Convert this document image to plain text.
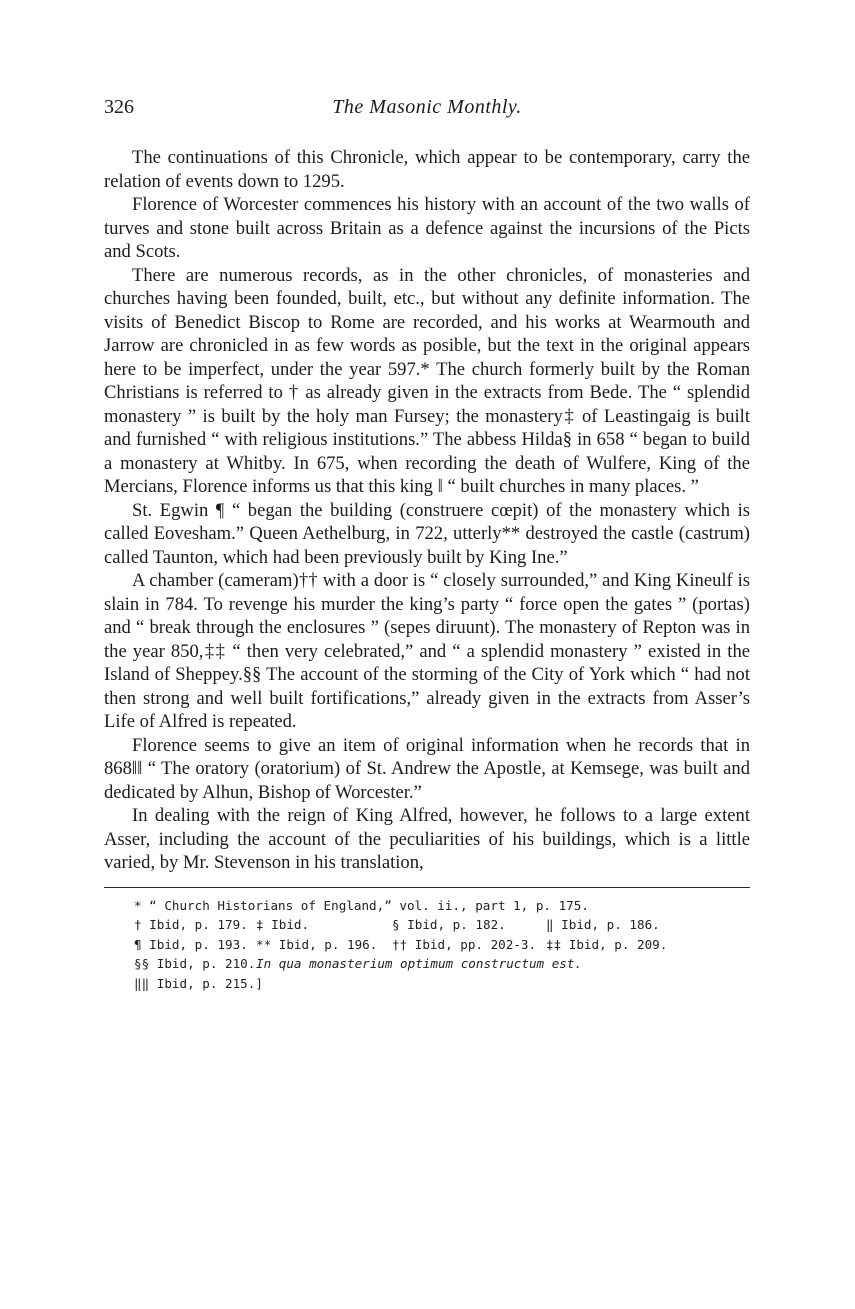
326	The Masonic Monthly.

The continuations of this Chronicle, which appear to be contemporary, carry the relation of events down to 1295.

Florence of Worcester commences his history with an account of the two walls of turves and stone built across Britain as a defence against the incursions of the Picts and Scots.

There are numerous records, as in the other chronicles, of monasteries and churches having been founded, built, etc., but without any definite information. The visits of Benedict Biscop to Rome are recorded, and his works at Wearmouth and Jarrow are chronicled in as few words as posible, but the text in the original appears here to be imperfect, under the year 597.* The church formerly built by the Roman Christians is referred to † as already given in the extracts from Bede. The “ splendid monastery ” is built by the holy man Fursey; the monastery‡ of Leastingaig is built and furnished “ with religious institutions.” The abbess Hilda§ in 658 “ began to build a monastery at Whitby. In 675, when recording the death of Wulfere, King of the Mercians, Florence informs us that this king ‖ “ built churches in many places. ”

St. Egwin ¶ “ began the building (construere cœpit) of the monastery which is called Eovesham.” Queen Aethelburg, in 722, utterly** destroyed the castle (castrum) called Taunton, which had been previously built by King Ine.”

A chamber (cameram)†† with a door is “ closely surrounded,” and King Kineulf is slain in 784. To revenge his murder the king’s party “ force open the gates ” (portas) and “ break through the enclosures ” (sepes diruunt). The monastery of Repton was in the year 850,‡‡ “ then very celebrated,” and “ a splendid monastery ” existed in the Island of Sheppey.§§ The account of the storming of the City of York which “ had not then strong and well built fortifications,” already given in the extracts from Asser’s Life of Alfred is repeated.

Florence seems to give an item of original information when he records that in 868‖‖ “ The oratory (oratorium) of St. Andrew the Apostle, at Kemsege, was built and dedicated by Alhun, Bishop of Worcester.”

In dealing with the reign of King Alfred, however, he follows to a large extent Asser, including the account of the peculiarities of his buildings, which is a little varied, by Mr. Stevenson in his translation,

* “ Church Historians of England,” vol. ii., part 1, p. 175.
† Ibid, p. 179. ‡ Ibid.	§ Ibid, p. 182.	‖ Ibid, p. 186.
¶ Ibid, p. 193. ** Ibid, p. 196.	†† Ibid, pp. 202-3. ‡‡ Ibid, p. 209.
§§ Ibid, p. 210. In qua monasterium optimum constructum est.
‖‖ Ibid, p. 215.]
